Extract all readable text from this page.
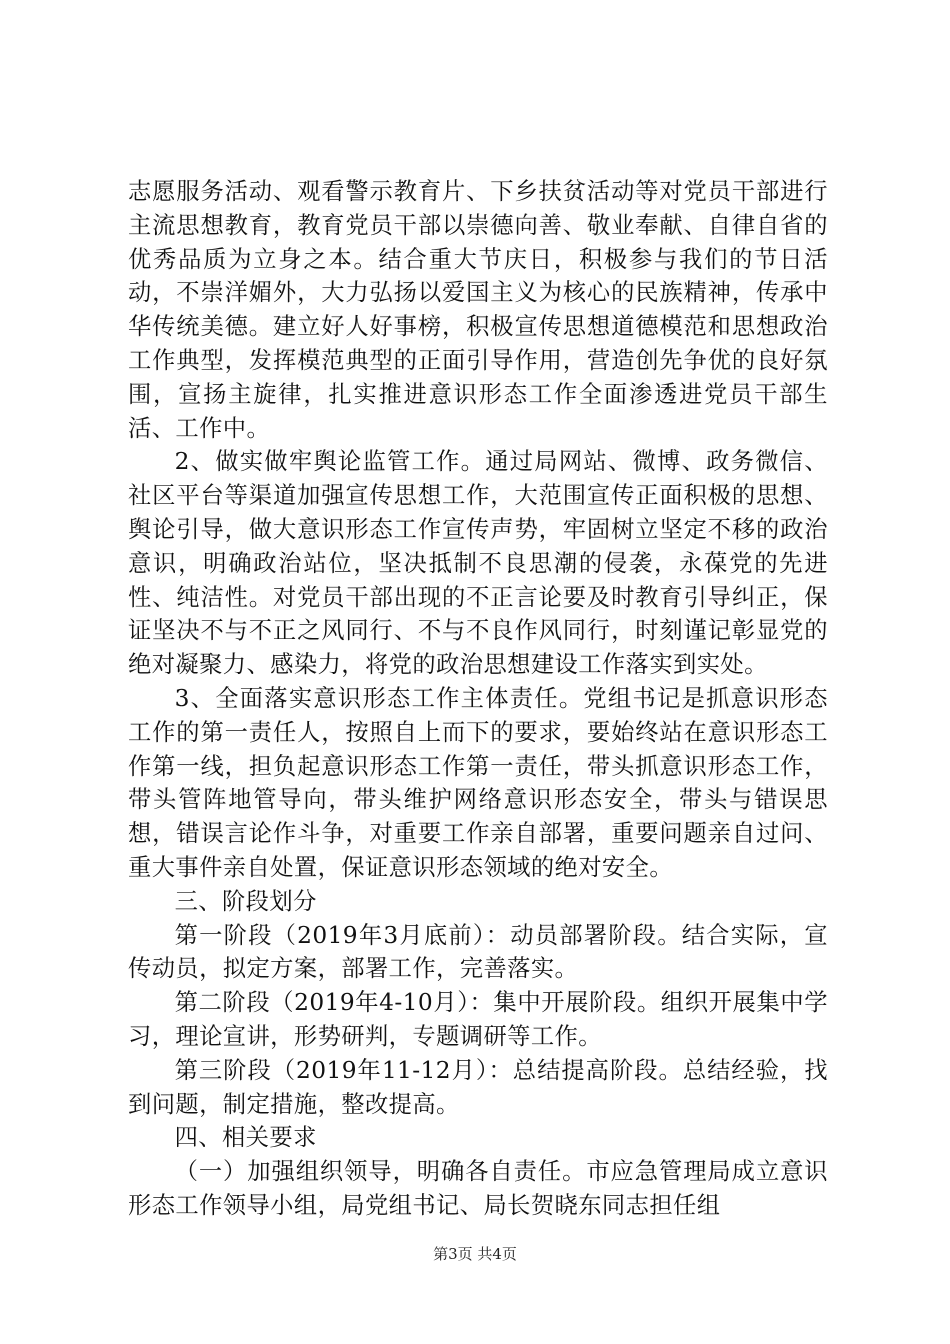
志愿服务活动、观看警示教育片、下乡扶贫活动等对党员干部进行主流思想教育，教育党员干部以崇德向善、敬业奉献、自律自省的优秀品质为立身之本。结合重大节庆日，积极参与我们的节日活动，不崇洋媚外，大力弘扬以爱国主义为核心的民族精神，传承中华传统美德。建立好人好事榜，积极宣传思想道德模范和思想政治工作典型，发挥模范典型的正面引导作用，营造创先争优的良好氛围，宣扬主旋律，扎实推进意识形态工作全面渗透进党员干部生活、工作中。

2、做实做牢舆论监管工作。通过局网站、微博、政务微信、社区平台等渠道加强宣传思想工作，大范围宣传正面积极的思想、舆论引导，做大意识形态工作宣传声势，牢固树立坚定不移的政治意识，明确政治站位，坚决抵制不良思潮的侵袭，永葆党的先进性、纯洁性。对党员干部出现的不正言论要及时教育引导纠正，保证坚决不与不正之风同行、不与不良作风同行，时刻谨记彰显党的绝对凝聚力、感染力，将党的政治思想建设工作落实到实处。

3、全面落实意识形态工作主体责任。党组书记是抓意识形态工作的第一责任人，按照自上而下的要求，要始终站在意识形态工作第一线，担负起意识形态工作第一责任，带头抓意识形态工作，带头管阵地管导向，带头维护网络意识形态安全，带头与错误思想，错误言论作斗争，对重要工作亲自部署，重要问题亲自过问、重大事件亲自处置，保证意识形态领域的绝对安全。

三、阶段划分

第一阶段（2019年3月底前）：动员部署阶段。结合实际，宣传动员，拟定方案，部署工作，完善落实。

第二阶段（2019年4-10月）：集中开展阶段。组织开展集中学习，理论宣讲，形势研判，专题调研等工作。

第三阶段（2019年11-12月）：总结提高阶段。总结经验，找到问题，制定措施，整改提高。

四、相关要求

（一）加强组织领导，明确各自责任。市应急管理局成立意识形态工作领导小组，局党组书记、局长贺晓东同志担任组

第3页 共4页
